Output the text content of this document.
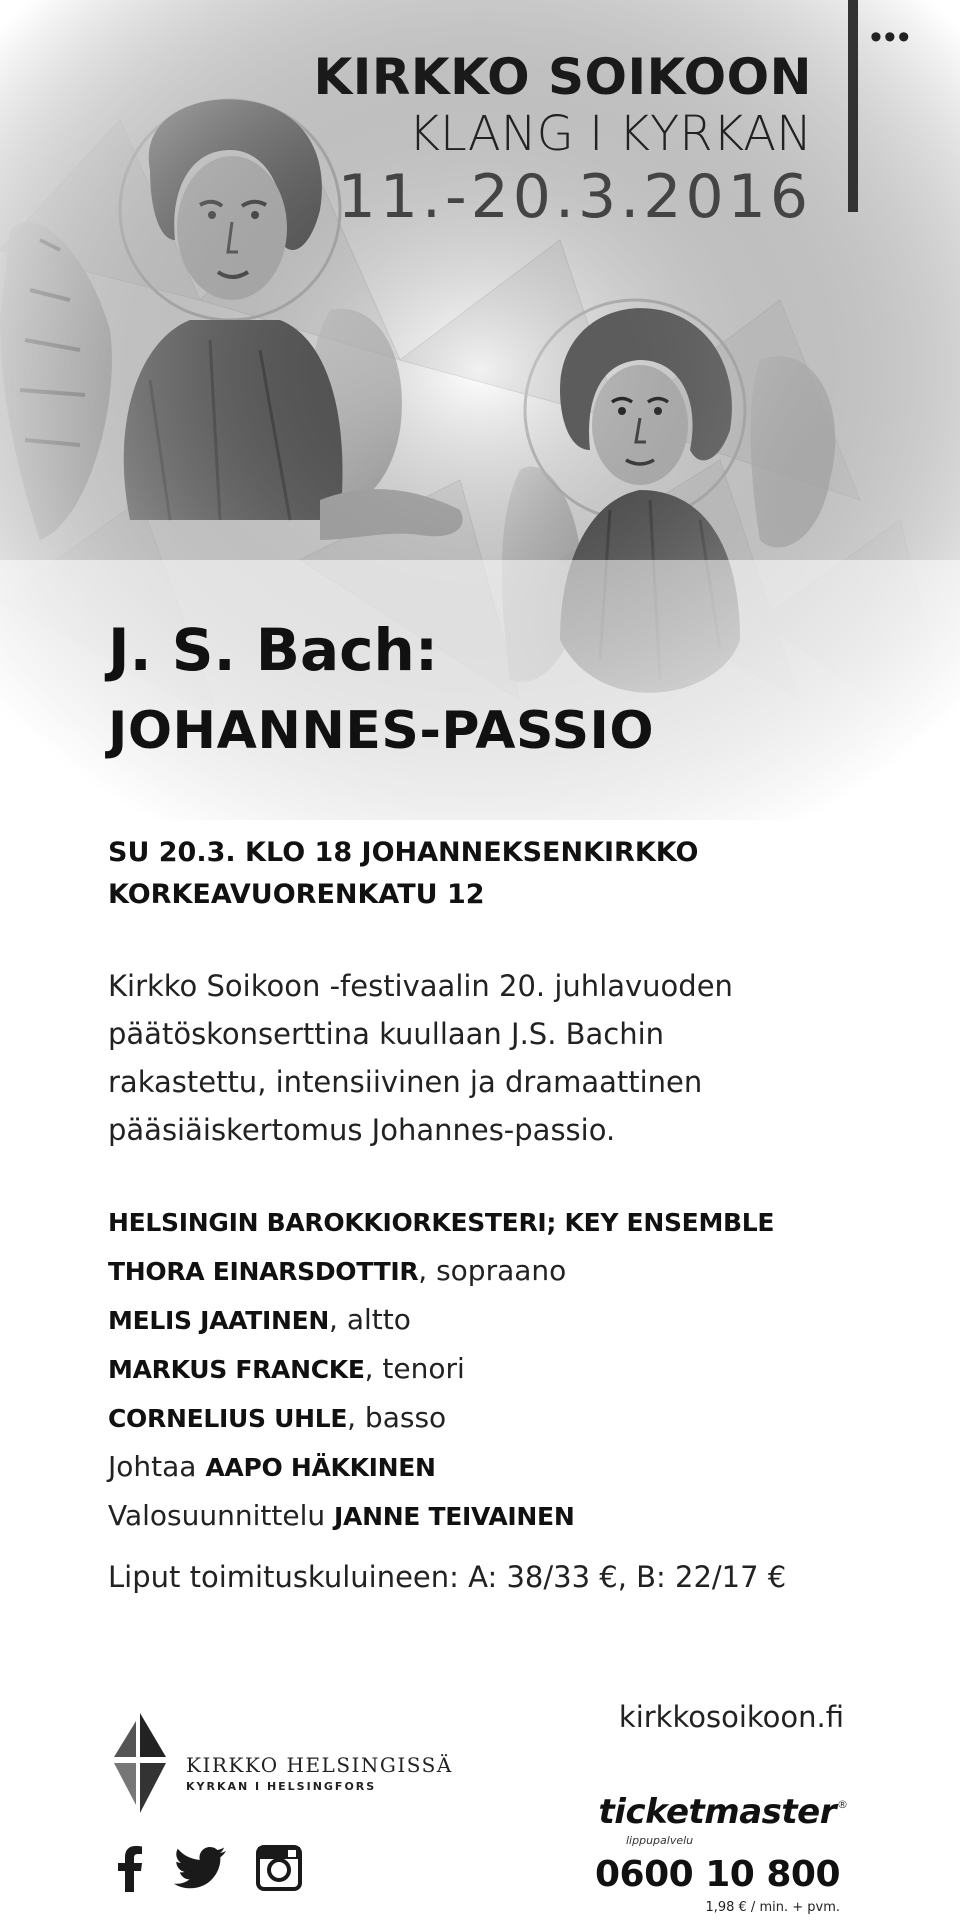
•••
KIRKKO SOIKOON
KLANG I KYRKAN
11.-20.3.2016
J. S. Bach:
JOHANNES-PASSIO
SU 20.3. KLO 18 JOHANNEKSENKIRKKO
KORKEAVUORENKATU 12
Kirkko Soikoon -festivaalin 20. juhlavuoden
päätöskonserttina kuullaan J.S. Bachin
rakastettu, intensiivinen ja dramaattinen
pääsiäiskertomus Johannes-passio.
HELSINGIN BAROKKIORKESTERI; KEY ENSEMBLE
THORA EINARSDOTTIR, sopraano
MELIS JAATINEN, altto
MARKUS FRANCKE, tenori
CORNELIUS UHLE, basso
Johtaa AAPO HÄKKINEN
Valosuunnittelu JANNE TEIVAINEN
Liput toimituskuluineen: A: 38/33 €, B: 22/17 €
kirkkosoikoon.fi
KIRKKO HELSINGISSÄ
KYRKAN I HELSINGFORS
ticketmaster ®
lippupalvelu
0600 10 800
1,98 € / min. + pvm.
